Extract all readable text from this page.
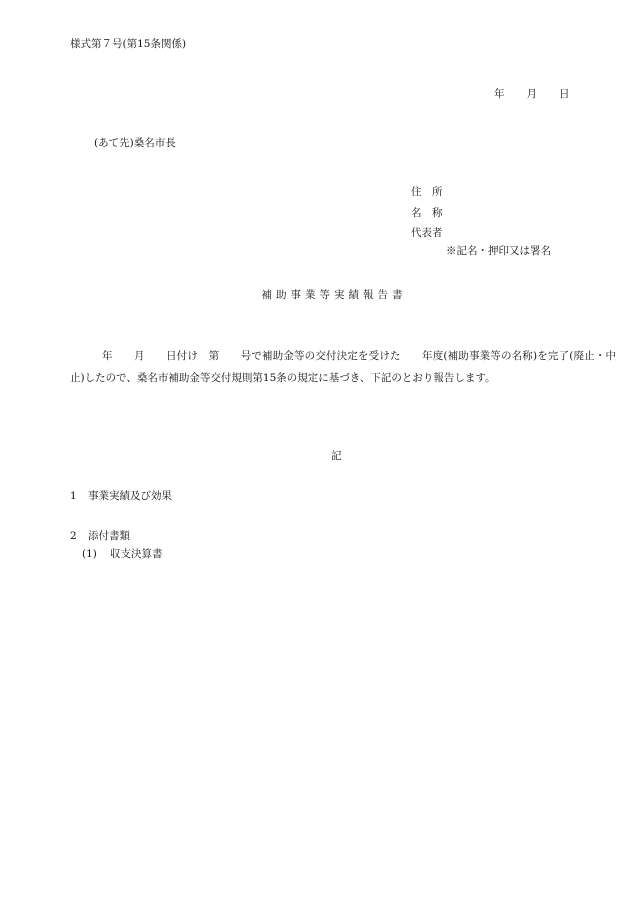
様式第７号(第15条関係)
年 月 日
(あて先)桑名市長
住　所
名　称
代表者
※記名・押印又は署名
補助事業等実績報告書
　　　年　　月　　日付け　第　　号で補助金等の交付決定を受けた　　年度(補助事業等の名称)を完了(廃止・中止)したので、桑名市補助金等交付規則第15条の規定に基づき、下記のとおり報告します。
記
1 事業実績及び効果
2 添付書類
(1) 収支決算書
